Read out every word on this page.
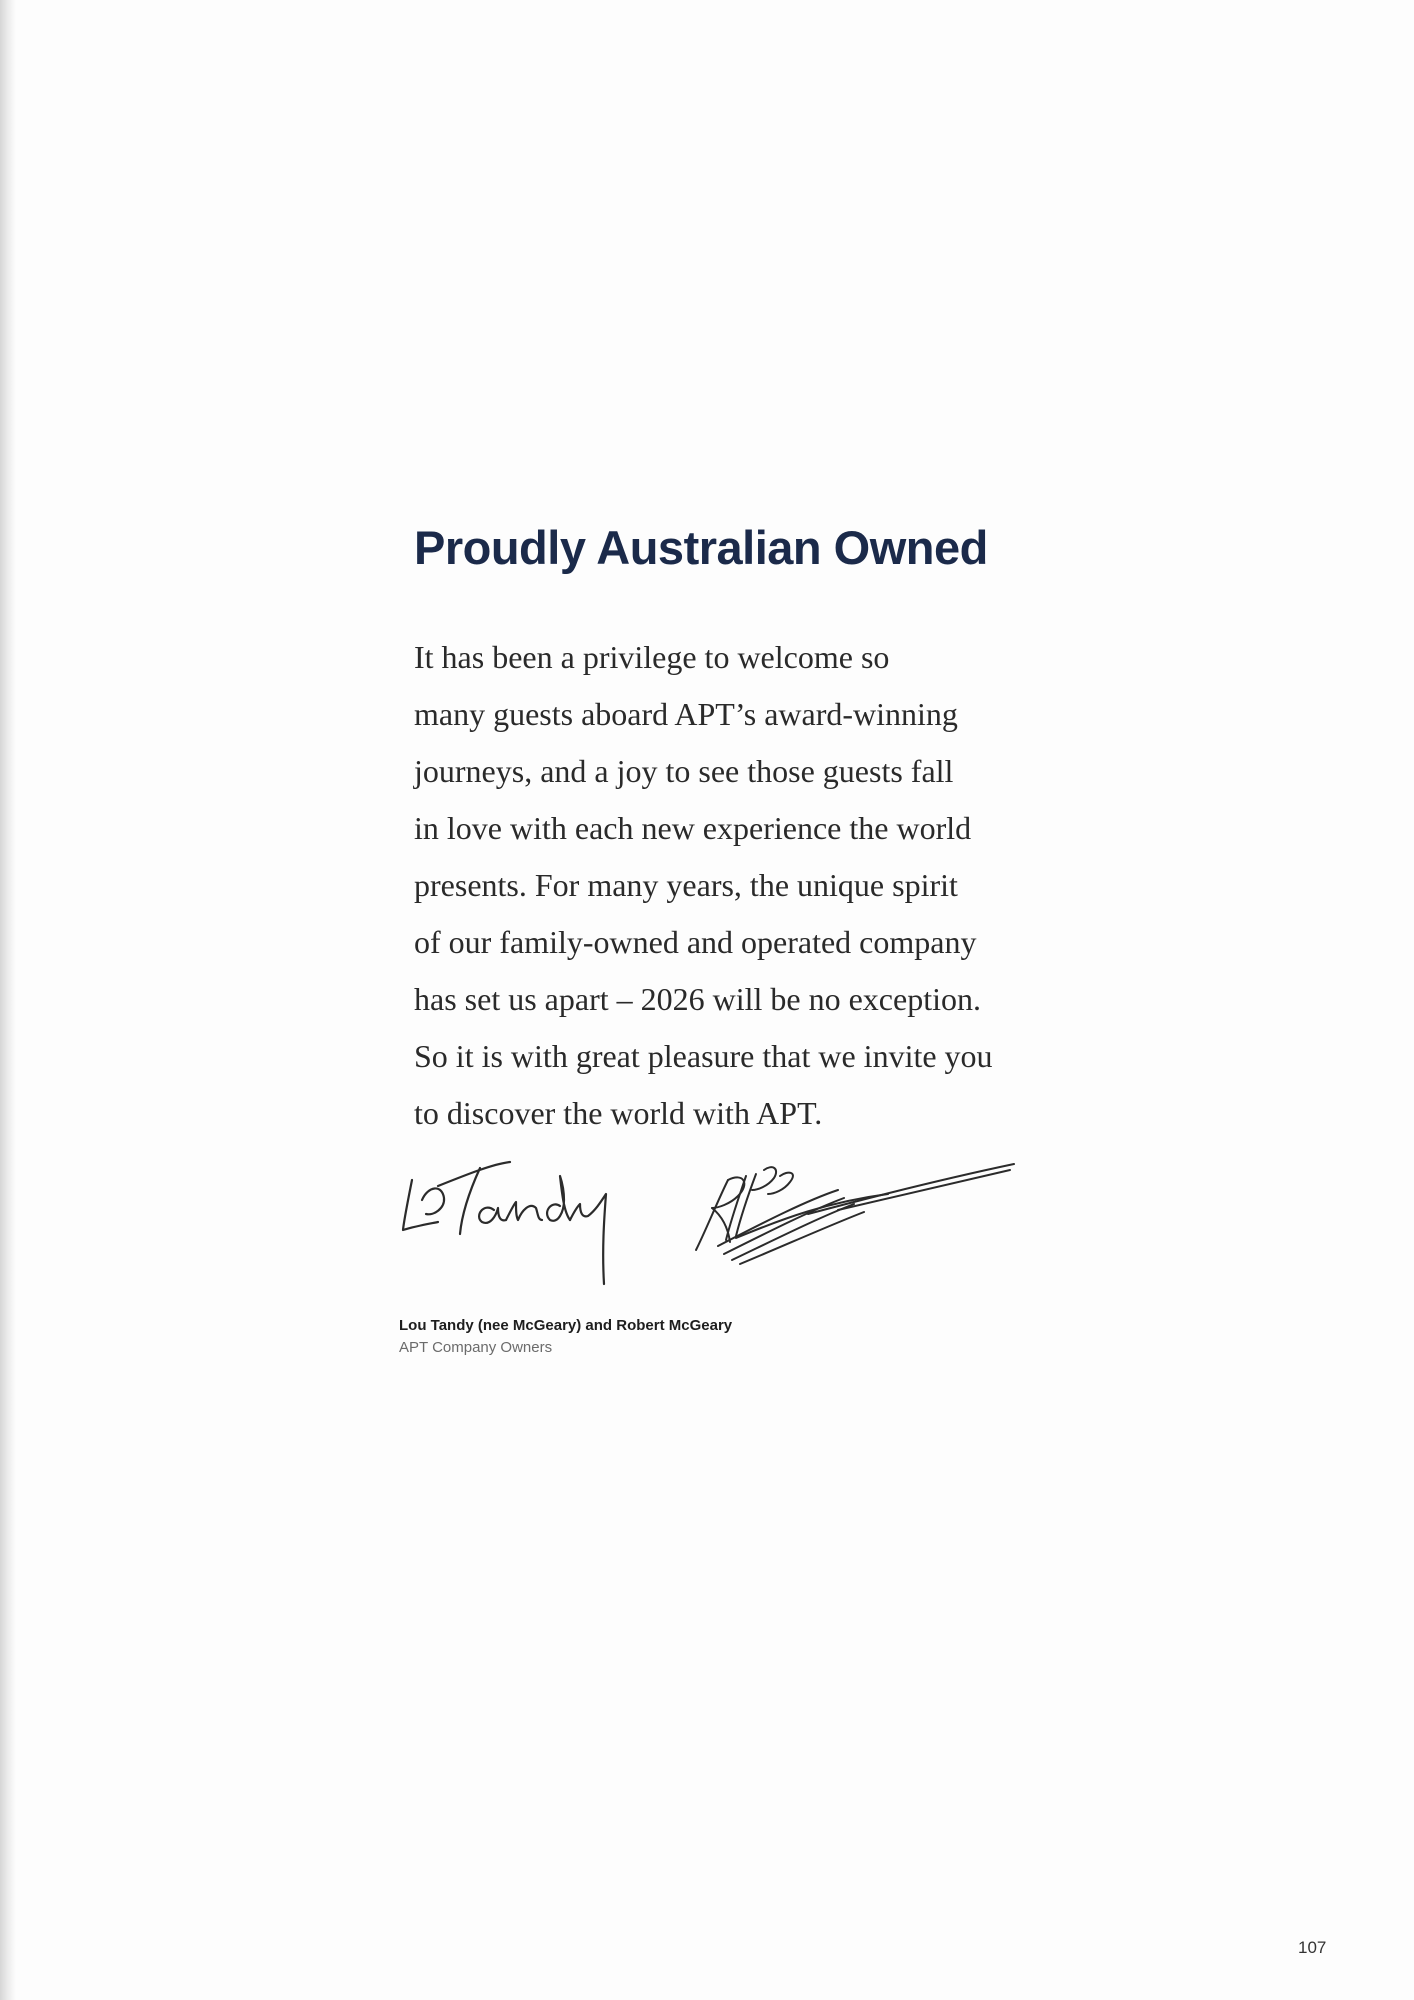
Proudly Australian Owned
It has been a privilege to welcome so
many guests aboard APT’s award-winning
journeys, and a joy to see those guests fall
in love with each new experience the world
presents. For many years, the unique spirit
of our family-owned and operated company
has set us apart – 2026 will be no exception.
So it is with great pleasure that we invite you
to discover the world with APT.
Lou Tandy (nee McGeary) and Robert McGeary
APT Company Owners
107
